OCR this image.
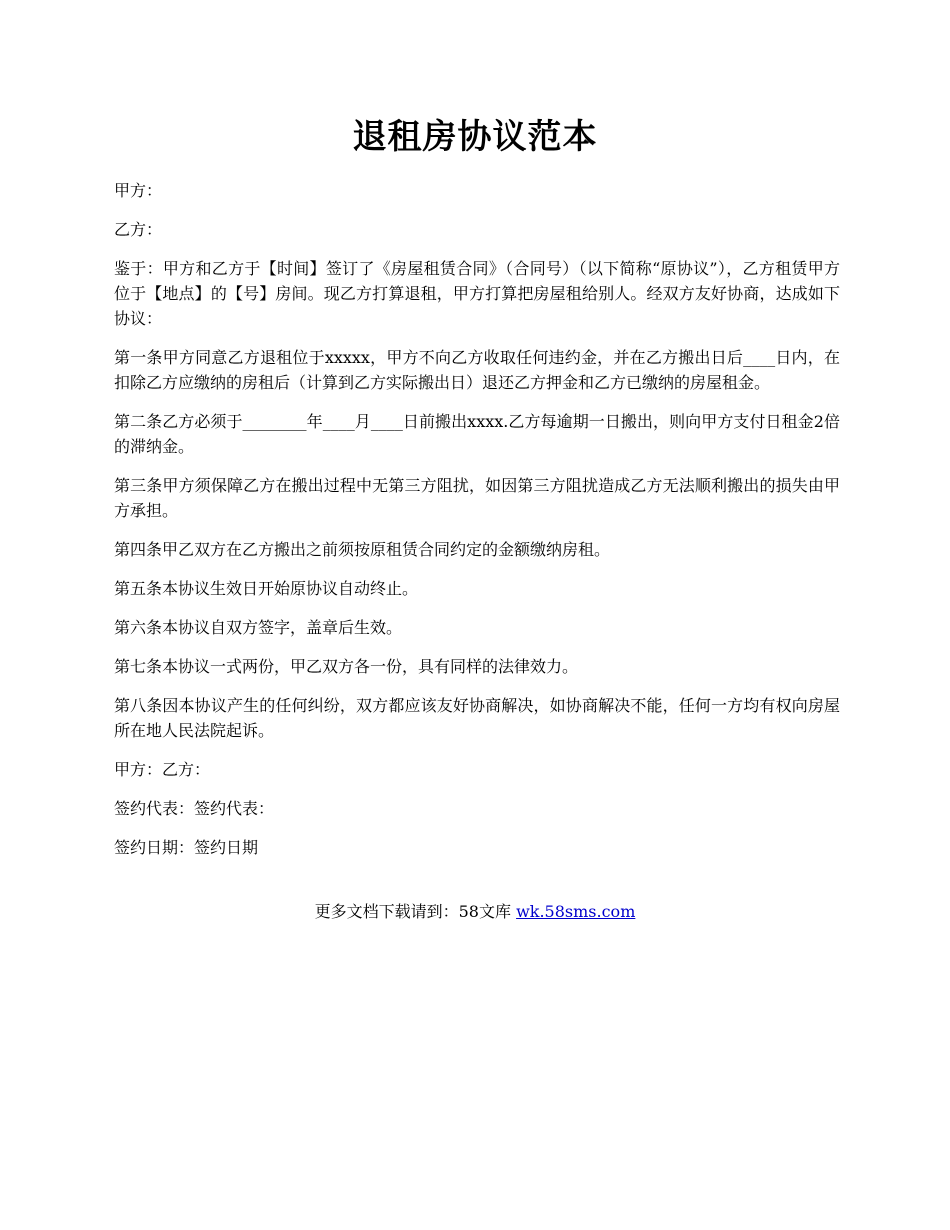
退租房协议范本

甲方：

乙方：

鉴于：甲方和乙方于【时间】签订了《房屋租赁合同》（合同号）（以下简称“原协议”），乙方租赁甲方位于【地点】的【号】房间。现乙方打算退租，甲方打算把房屋租给别人。经双方友好协商，达成如下协议：

第一条甲方同意乙方退租位于xxxxx，甲方不向乙方收取任何违约金，并在乙方搬出日后____日内，在扣除乙方应缴纳的房租后（计算到乙方实际搬出日）退还乙方押金和乙方已缴纳的房屋租金。

第二条乙方必须于________年____月____日前搬出xxxx.乙方每逾期一日搬出，则向甲方支付日租金2倍的滞纳金。

第三条甲方须保障乙方在搬出过程中无第三方阻扰，如因第三方阻扰造成乙方无法顺利搬出的损失由甲方承担。

第四条甲乙双方在乙方搬出之前须按原租赁合同约定的金额缴纳房租。

第五条本协议生效日开始原协议自动终止。

第六条本协议自双方签字，盖章后生效。

第七条本协议一式两份，甲乙双方各一份，具有同样的法律效力。

第八条因本协议产生的任何纠纷，双方都应该友好协商解决，如协商解决不能，任何一方均有权向房屋所在地人民法院起诉。

甲方：乙方：

签约代表：签约代表：

签约日期：签约日期

更多文档下载请到：58文库 wk.58sms.com
